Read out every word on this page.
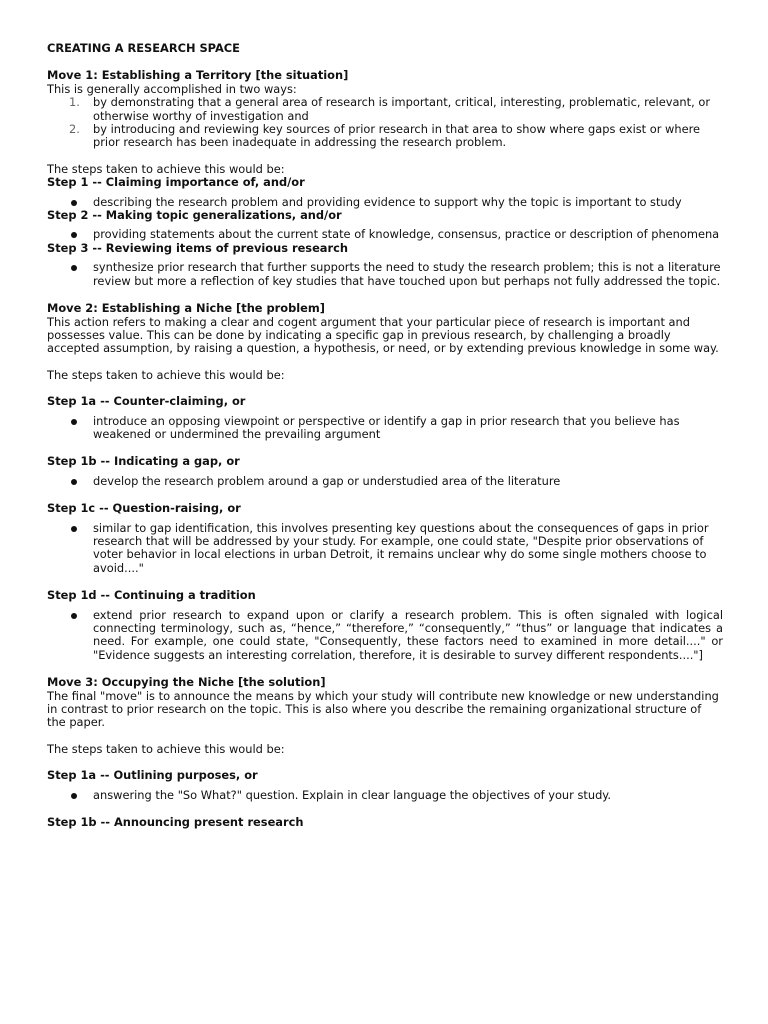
CREATING A RESEARCH SPACE

Move 1: Establishing a Territory [the situation]

This is generally accomplished in two ways:

1. by demonstrating that a general area of research is important, critical, interesting, problematic, relevant, or otherwise worthy of investigation and
2. by introducing and reviewing key sources of prior research in that area to show where gaps exist or where prior research has been inadequate in addressing the research problem.

The steps taken to achieve this would be:

Step 1 -- Claiming importance of, and/or

describing the research problem and providing evidence to support why the topic is important to study

Step 2 -- Making topic generalizations, and/or

providing statements about the current state of knowledge, consensus, practice or description of phenomena

Step 3 -- Reviewing items of previous research

synthesize prior research that further supports the need to study the research problem; this is not a literature review but more a reflection of key studies that have touched upon but perhaps not fully addressed the topic.

Move 2: Establishing a Niche [the problem]

This action refers to making a clear and cogent argument that your particular piece of research is important and possesses value. This can be done by indicating a specific gap in previous research, by challenging a broadly accepted assumption, by raising a question, a hypothesis, or need, or by extending previous knowledge in some way.

The steps taken to achieve this would be:

Step 1a -- Counter-claiming, or

introduce an opposing viewpoint or perspective or identify a gap in prior research that you believe has weakened or undermined the prevailing argument

Step 1b -- Indicating a gap, or

develop the research problem around a gap or understudied area of the literature

Step 1c -- Question-raising, or

similar to gap identification, this involves presenting key questions about the consequences of gaps in prior research that will be addressed by your study. For example, one could state, "Despite prior observations of voter behavior in local elections in urban Detroit, it remains unclear why do some single mothers choose to avoid...."

Step 1d -- Continuing a tradition

extend prior research to expand upon or clarify a research problem. This is often signaled with logical connecting terminology, such as, “hence,” “therefore,” “consequently,” “thus” or language that indicates a need. For example, one could state, "Consequently, these factors need to examined in more detail...." or "Evidence suggests an interesting correlation, therefore, it is desirable to survey different respondents...."]

Move 3: Occupying the Niche [the solution]

The final "move" is to announce the means by which your study will contribute new knowledge or new understanding in contrast to prior research on the topic. This is also where you describe the remaining organizational structure of the paper.

The steps taken to achieve this would be:

Step 1a -- Outlining purposes, or

answering the "So What?" question. Explain in clear language the objectives of your study.

Step 1b -- Announcing present research
